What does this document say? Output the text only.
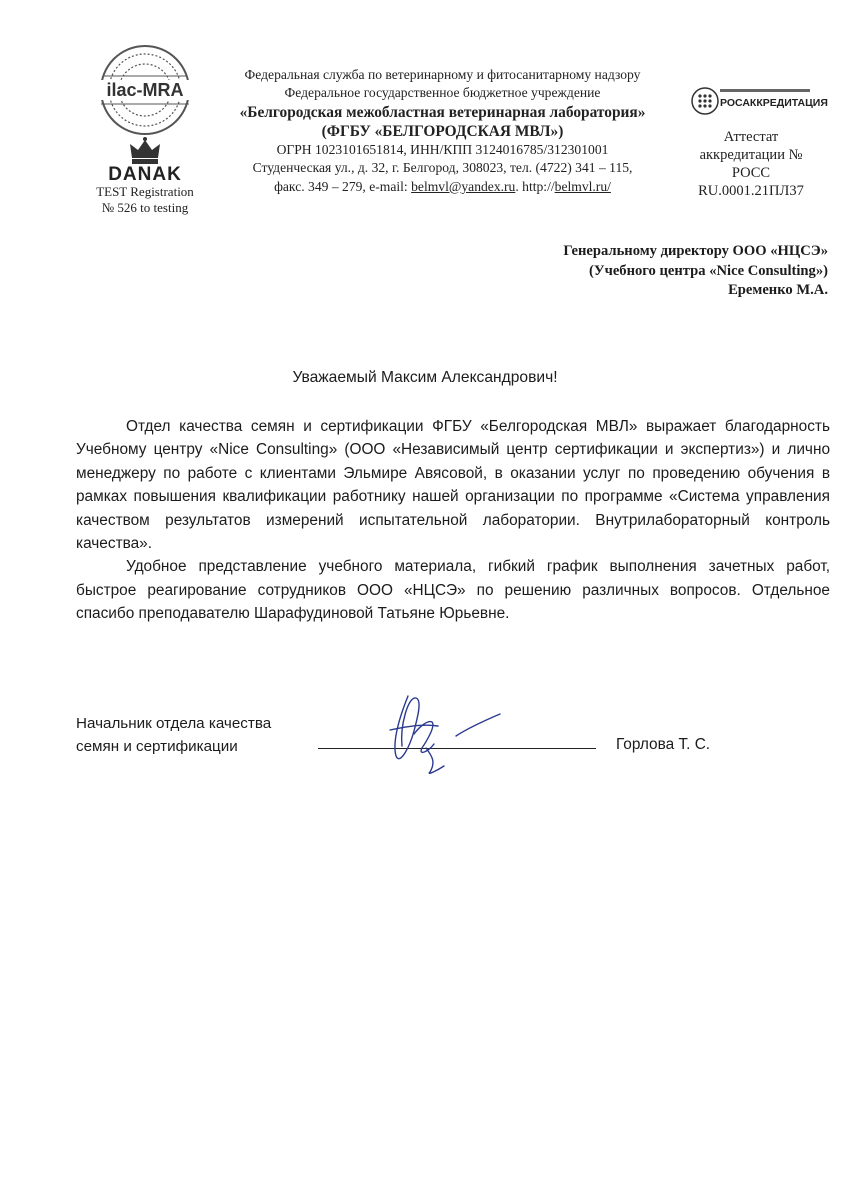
ilac-MRA
DANAK
TEST Registration
№ 526 to testing
Федеральная служба по ветеринарному и фитосанитарному надзору
Федеральное государственное бюджетное учреждение
«Белгородская межобластная ветеринарная лаборатория»
(ФГБУ «БЕЛГОРОДСКАЯ МВЛ»)
ОГРН 1023101651814, ИНН/КПП 3124016785/312301001
Студенческая ул., д. 32, г. Белгород, 308023, тел. (4722) 341 – 115,
факс. 349 – 279, e-mail: belmvl@yandex.ru. http://belmvl.ru/
РОСАККРЕДИТАЦИЯ
Аттестат
аккредитации №
РОСС
RU.0001.21ПЛ37
Генеральному директору ООО «НЦСЭ»
(Учебного центра «Nice Consulting»)
Еременко М.А.
Уважаемый Максим Александрович!

Отдел качества семян и сертификации ФГБУ «Белгородская МВЛ» выражает благодарность Учебному центру «Nice Consulting» (ООО «Независимый центр сертификации и экспертиз») и лично менеджеру по работе с клиентами Эльмире Авясовой, в оказании услуг по проведению обучения в рамках повышения квалификации работнику нашей организации по программе «Система управления качеством результатов измерений испытательной лаборатории. Внутрилабораторный контроль качества».

Удобное представление учебного материала, гибкий график выполнения зачетных работ, быстрое реагирование сотрудников ООО «НЦСЭ» по решению различных вопросов. Отдельное спасибо преподавателю Шарафудиновой Татьяне Юрьевне.

Начальник отдела качества
семян и сертификации	Горлова Т. С.
